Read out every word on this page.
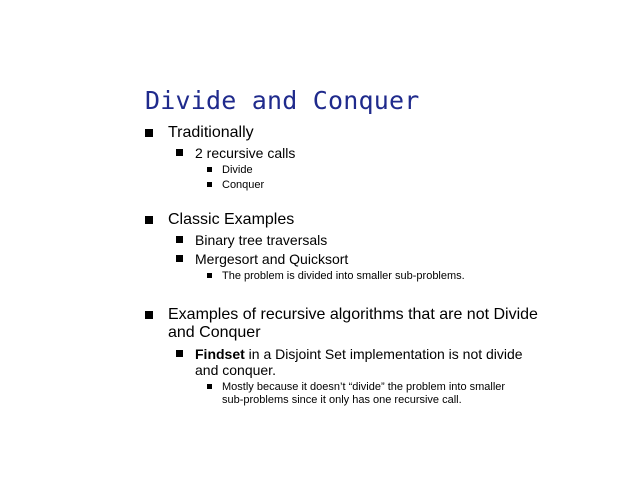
Divide and Conquer
Traditionally
2 recursive calls
Divide
Conquer
Classic Examples
Binary tree traversals
Mergesort and Quicksort
The problem is divided into smaller sub-problems.
Examples of recursive algorithms that are not Divide
and Conquer
Findset in a Disjoint Set implementation is not divide
and conquer.
Mostly because it doesn’t “divide” the problem into smaller
sub-problems since it only has one recursive call.
